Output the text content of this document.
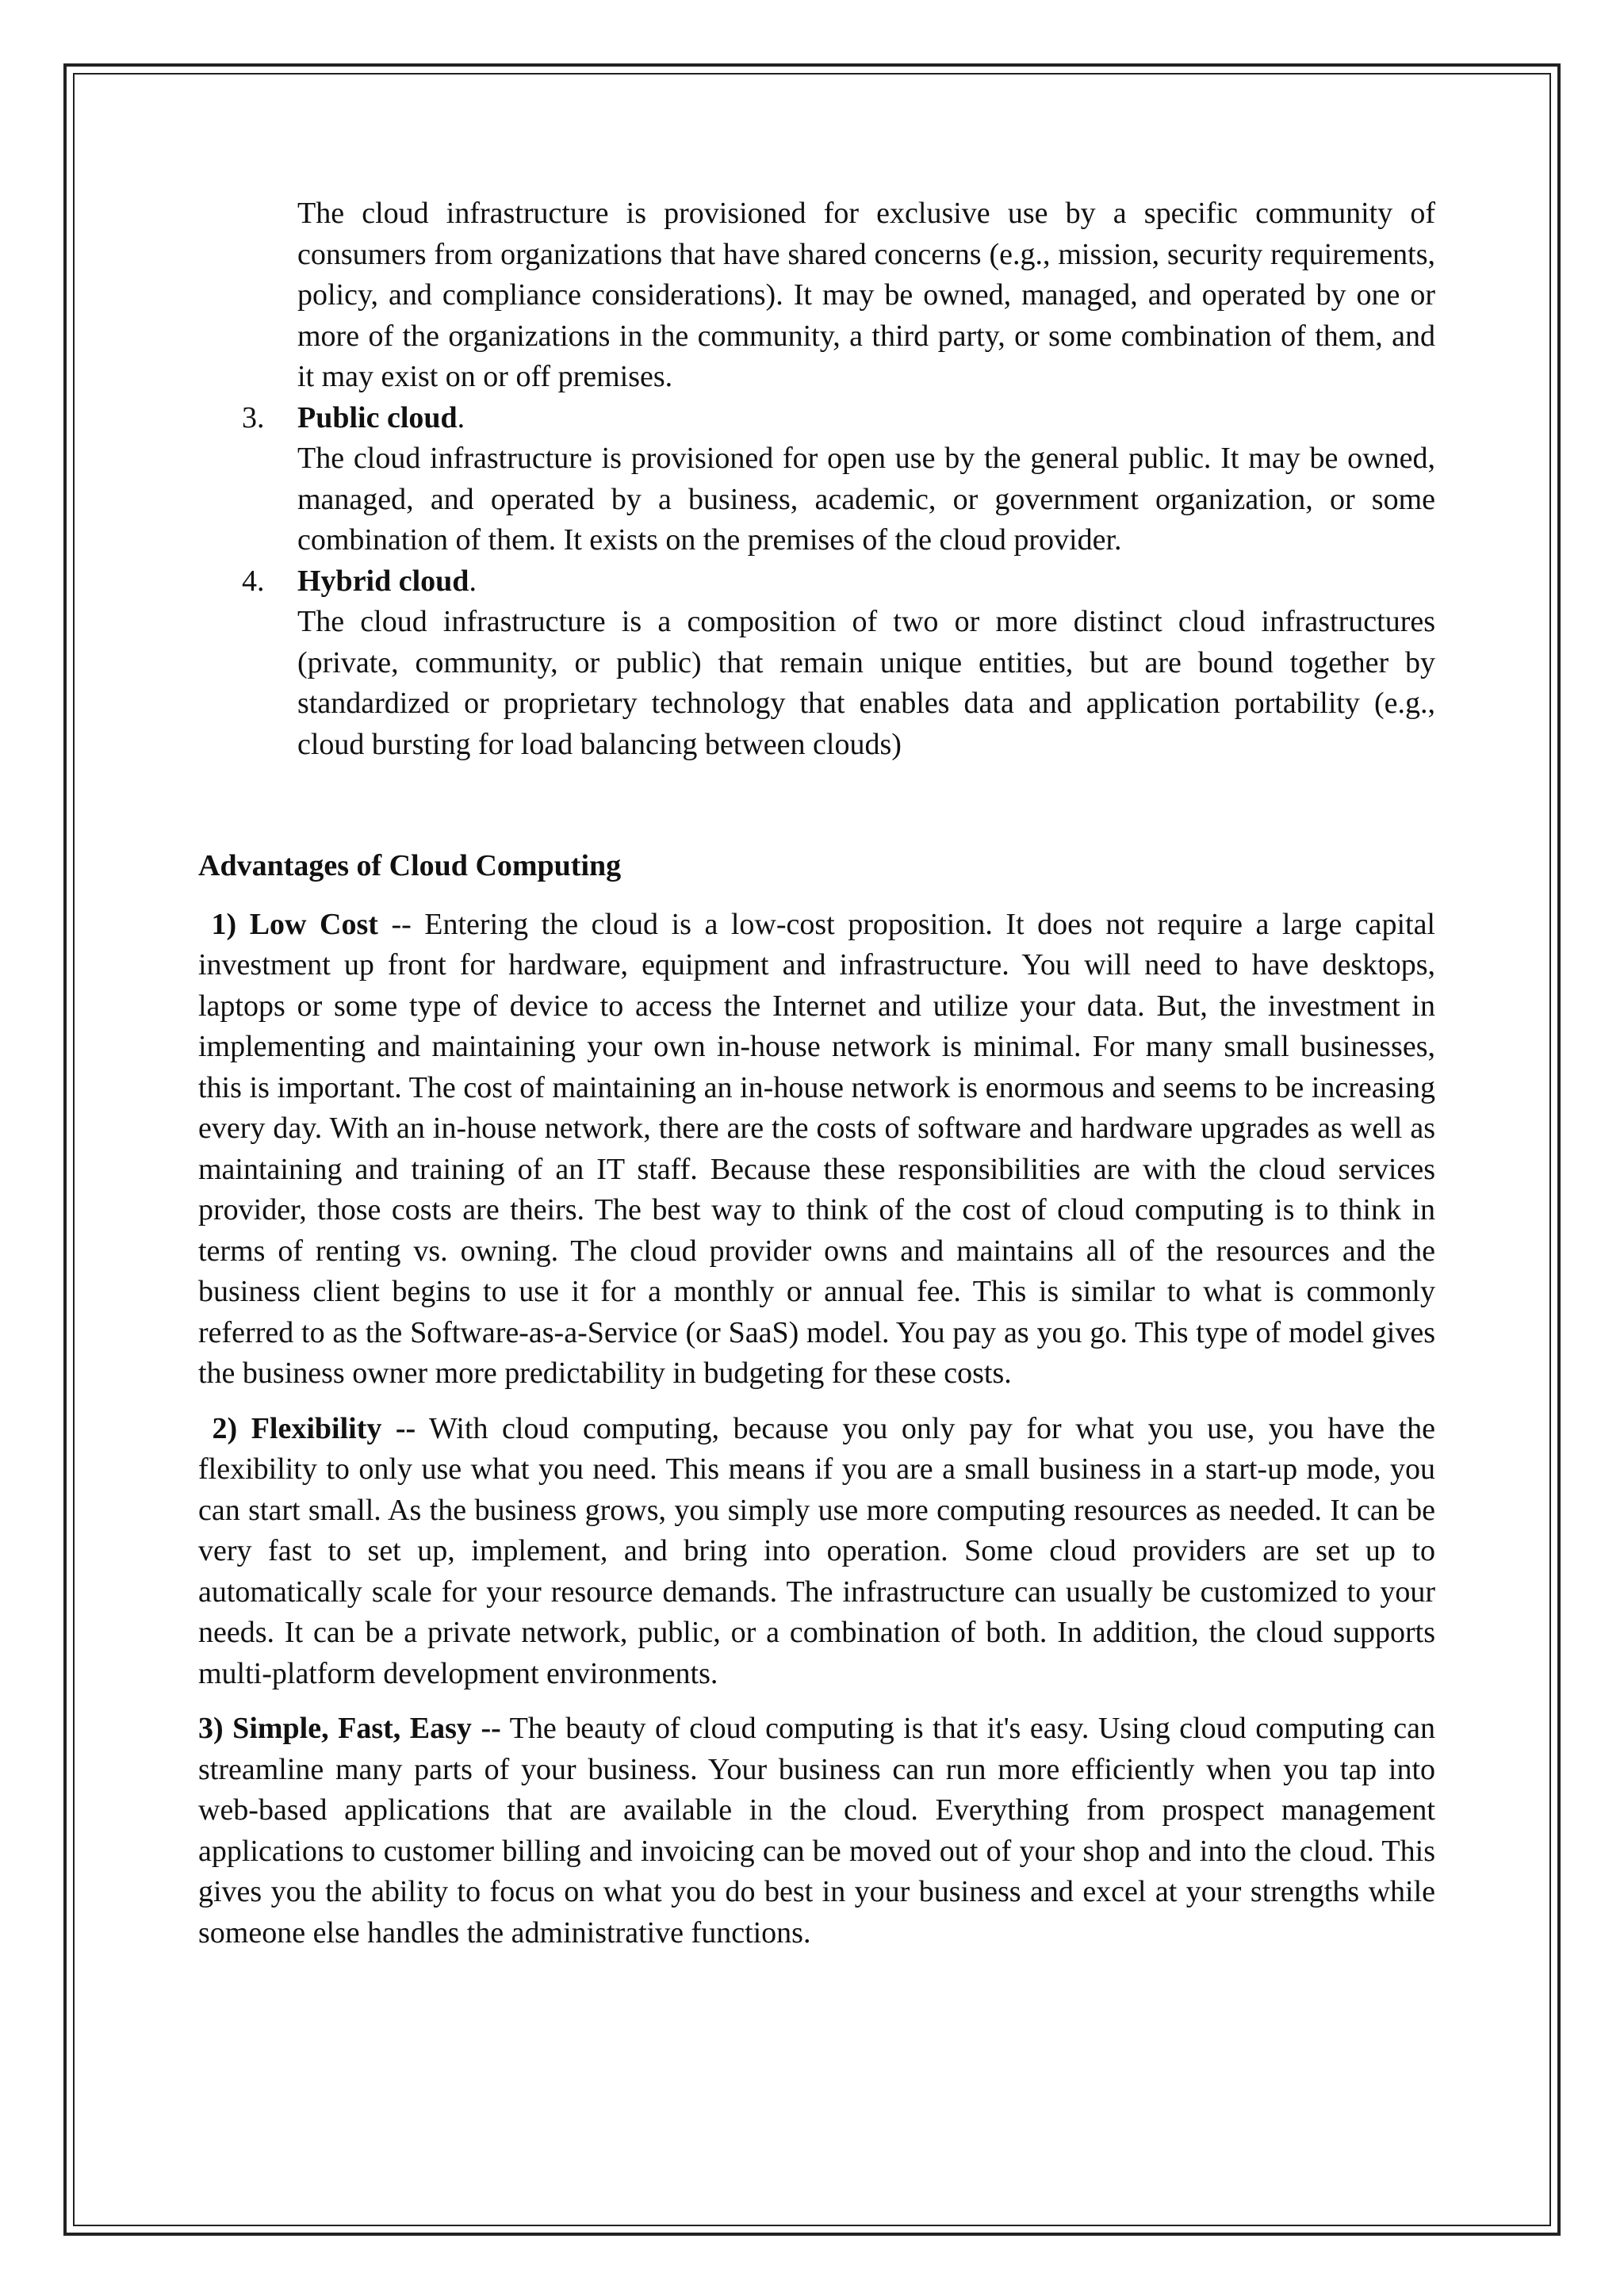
The cloud infrastructure is provisioned for exclusive use by a specific community of consumers from organizations that have shared concerns (e.g., mission, security requirements, policy, and compliance considerations). It may be owned, managed, and operated by one or more of the organizations in the community, a third party, or some combination of them, and it may exist on or off premises.
3. Public cloud.
The cloud infrastructure is provisioned for open use by the general public. It may be owned, managed, and operated by a business, academic, or government organization, or some combination of them. It exists on the premises of the cloud provider.
4. Hybrid cloud.
The cloud infrastructure is a composition of two or more distinct cloud infrastructures (private, community, or public) that remain unique entities, but are bound together by standardized or proprietary technology that enables data and application portability (e.g., cloud bursting for load balancing between clouds)
Advantages of Cloud Computing
1) Low Cost -- Entering the cloud is a low-cost proposition. It does not require a large capital investment up front for hardware, equipment and infrastructure. You will need to have desktops, laptops or some type of device to access the Internet and utilize your data. But, the investment in implementing and maintaining your own in-house network is minimal. For many small businesses, this is important. The cost of maintaining an in-house network is enormous and seems to be increasing every day. With an in-house network, there are the costs of software and hardware upgrades as well as maintaining and training of an IT staff. Because these responsibilities are with the cloud services provider, those costs are theirs. The best way to think of the cost of cloud computing is to think in terms of renting vs. owning. The cloud provider owns and maintains all of the resources and the business client begins to use it for a monthly or annual fee. This is similar to what is commonly referred to as the Software-as-a-Service (or SaaS) model. You pay as you go. This type of model gives the business owner more predictability in budgeting for these costs.
2) Flexibility -- With cloud computing, because you only pay for what you use, you have the flexibility to only use what you need. This means if you are a small business in a start-up mode, you can start small. As the business grows, you simply use more computing resources as needed. It can be very fast to set up, implement, and bring into operation. Some cloud providers are set up to automatically scale for your resource demands. The infrastructure can usually be customized to your needs. It can be a private network, public, or a combination of both. In addition, the cloud supports multi-platform development environments.
3) Simple, Fast, Easy -- The beauty of cloud computing is that it's easy. Using cloud computing can streamline many parts of your business. Your business can run more efficiently when you tap into web-based applications that are available in the cloud. Everything from prospect management applications to customer billing and invoicing can be moved out of your shop and into the cloud. This gives you the ability to focus on what you do best in your business and excel at your strengths while someone else handles the administrative functions.
